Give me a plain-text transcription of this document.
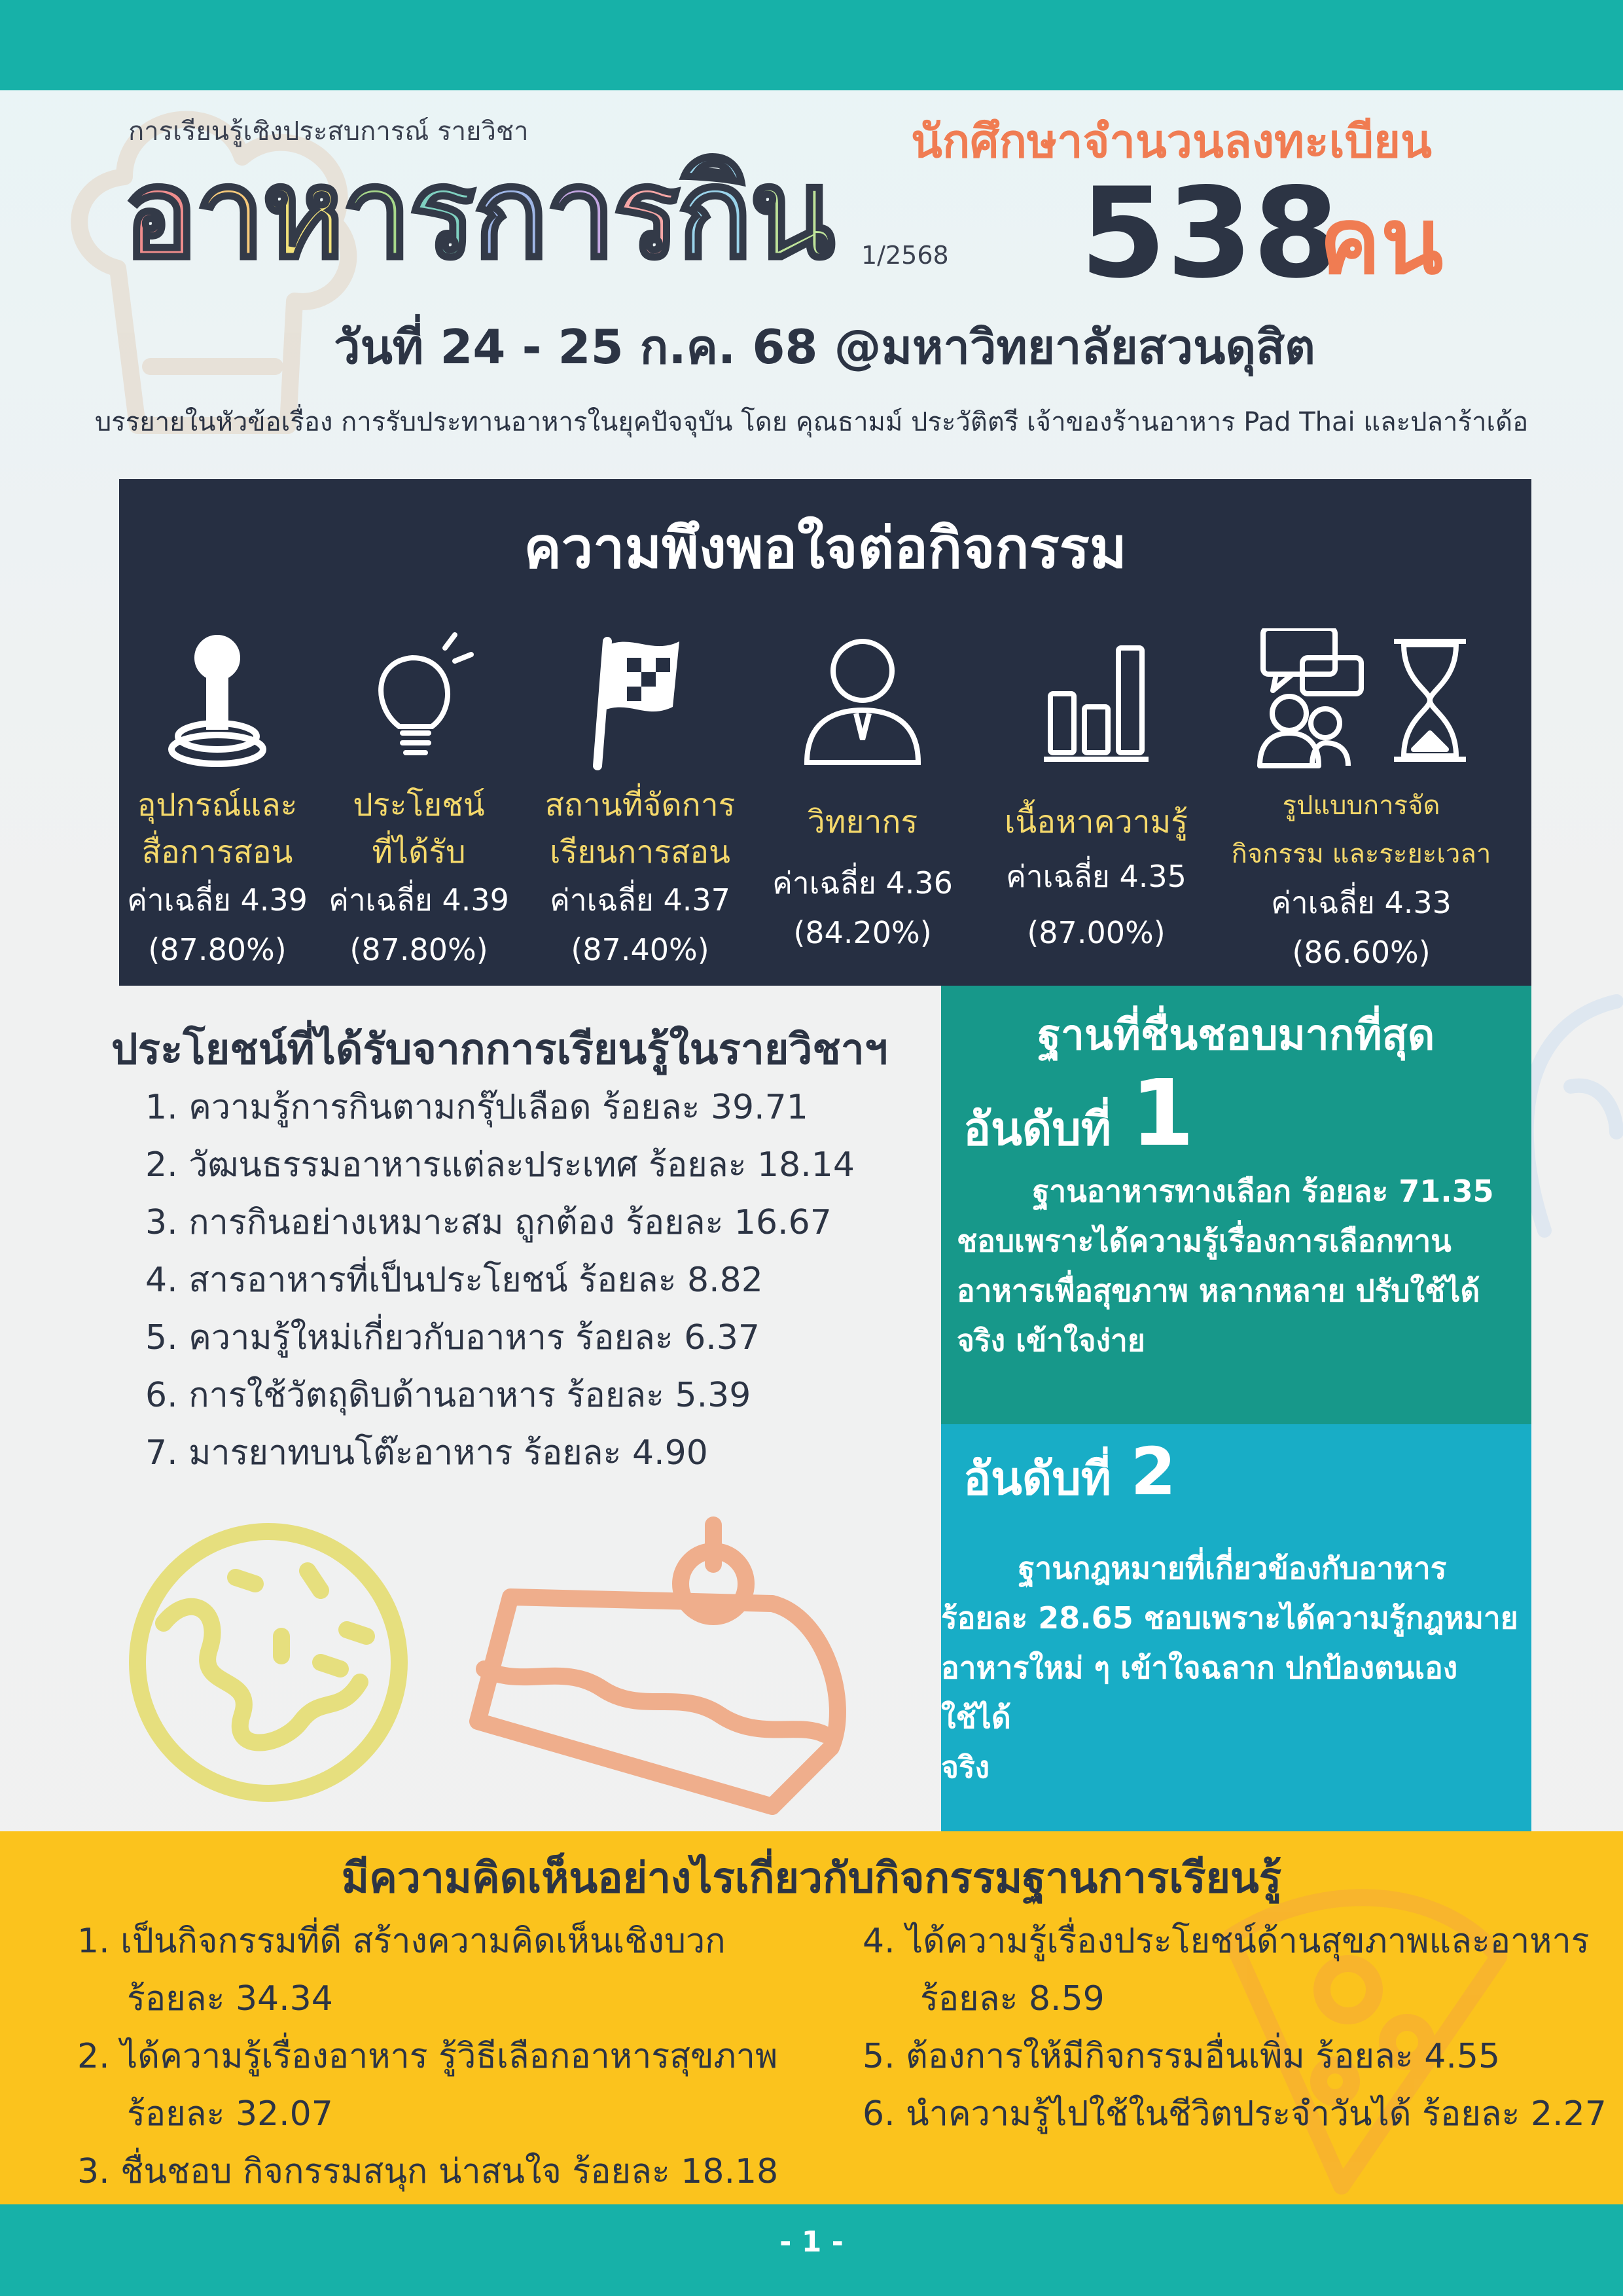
การเรียนรู้เชิงประสบการณ์ รายวิชา
อาหารการกน 1/2568
นักศึกษาจำนวนลงทะเบียน
538
คน
วันที่ 24 - 25 ก.ค. 68 @มหาวิทยาลัยสวนดุสิต
บรรยายในหัวข้อเรื่อง การรับประทานอาหารในยุคปัจจุบัน โดย คุณธามม์ ประวัติตรี เจ้าของร้านอาหาร Pad Thai และปลาร้าเด้อ
ความพึงพอใจต่อกิจกรรม
อุปกรณ์และ
สื่อการสอน
ค่าเฉลี่ย 4.39
(87.80%)
ประโยชน์
ที่ได้รับ
ค่าเฉลี่ย 4.39
(87.80%)
สถานที่จัดการ
เรียนการสอน
ค่าเฉลี่ย 4.37
(87.40%)
วิทยากร
ค่าเฉลี่ย 4.36
(84.20%)
เนื้อหาความรู้
ค่าเฉลี่ย 4.35
(87.00%)
รูปแบบการจัด
กิจกรรม และระยะเวลา
ค่าเฉลี่ย 4.33
(86.60%)
ประโยชน์ที่ได้รับจากการเรียนรู้ในรายวิชาฯ
1. ความรู้การกินตามกรุ๊ปเลือด ร้อยละ 39.71
2. วัฒนธรรมอาหารแต่ละประเทศ ร้อยละ 18.14
3. การกินอย่างเหมาะสม ถูกต้อง ร้อยละ 16.67
4. สารอาหารที่เป็นประโยชน์ ร้อยละ 8.82
5. ความรู้ใหม่เกี่ยวกับอาหาร ร้อยละ 6.37
6. การใช้วัตถุดิบด้านอาหาร ร้อยละ 5.39
7. มารยาทบนโต๊ะอาหาร ร้อยละ 4.90
ฐานที่ชื่นชอบมากที่สุด
อันดับที่ 1
ฐานอาหารทางเลือก ร้อยละ 71.35
ชอบเพราะได้ความรู้เรื่องการเลือกทาน
อาหารเพื่อสุขภาพ หลากหลาย ปรับใช้ได้
จริง เข้าใจง่าย
อันดับที่ 2
ฐานกฎหมายที่เกี่ยวข้องกับอาหาร
ร้อยละ 28.65 ชอบเพราะได้ความรู้กฎหมาย
อาหารใหม่ ๆ เข้าใจฉลาก ปกป้องตนเอง ใช้ได้
จริง
มีความคิดเห็นอย่างไรเกี่ยวกับกิจกรรมฐานการเรียนรู้
1. เป็นกิจกรรมที่ดี สร้างความคิดเห็นเชิงบวก
ร้อยละ 34.34
2. ได้ความรู้เรื่องอาหาร รู้วิธีเลือกอาหารสุขภาพ
ร้อยละ 32.07
3. ชื่นชอบ กิจกรรมสนุก น่าสนใจ ร้อยละ 18.18
4. ได้ความรู้เรื่องประโยชน์ด้านสุขภาพและอาหาร
ร้อยละ 8.59
5. ต้องการให้มีกิจกรรมอื่นเพิ่ม ร้อยละ 4.55
6. นำความรู้ไปใช้ในชีวิตประจำวันได้ ร้อยละ 2.27
- 1 -
